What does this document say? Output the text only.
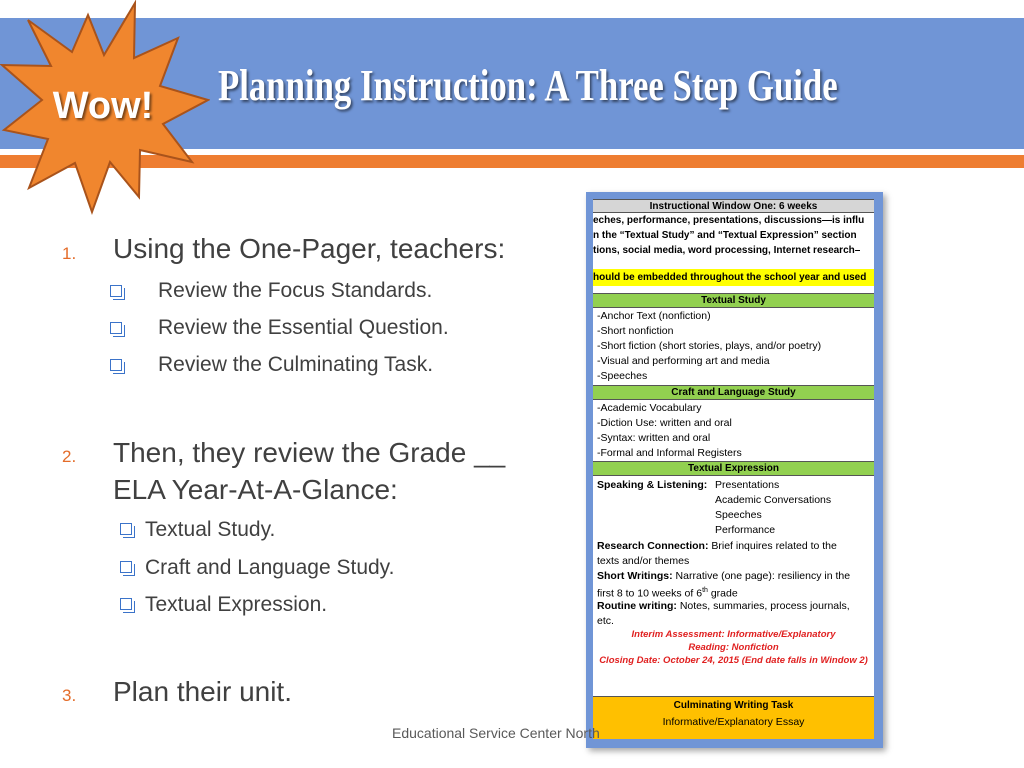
Planning Instruction: A Three Step Guide
Wow!
1. Using the One-Pager, teachers:
Review the Focus Standards.
Review the Essential Question.
Review the Culminating Task.
2. Then, they review the Grade __
ELA Year-At-A-Glance:
Textual Study.
Craft and Language Study.
Textual Expression.
3. Plan their unit.
Instructional Window One: 6 weeks
eches, performance, presentations, discussions—is influ
n the “Textual Study” and “Textual Expression” section
tions, social media, word processing, Internet research–
hould be embedded throughout the school year and used
Textual Study
-Anchor Text (nonfiction)
-Short nonfiction
-Short fiction (short stories, plays, and/or poetry)
-Visual and performing art and media
-Speeches
Craft and Language Study
-Academic Vocabulary
-Diction Use: written and oral
-Syntax: written and oral
-Formal and Informal Registers
Textual Expression
Speaking & Listening: Presentations
Academic Conversations
Speeches
Performance
Research Connection: Brief inquires related to the
texts and/or themes
Short Writings: Narrative (one page): resiliency in the
first 8 to 10 weeks of 6th grade
Routine writing: Notes, summaries, process journals,
etc.
Interim Assessment: Informative/Explanatory
Reading: Nonfiction
Closing Date: October 24, 2015 (End date falls in Window 2)
Culminating Writing Task
Informative/Explanatory Essay
Educational Service Center North
